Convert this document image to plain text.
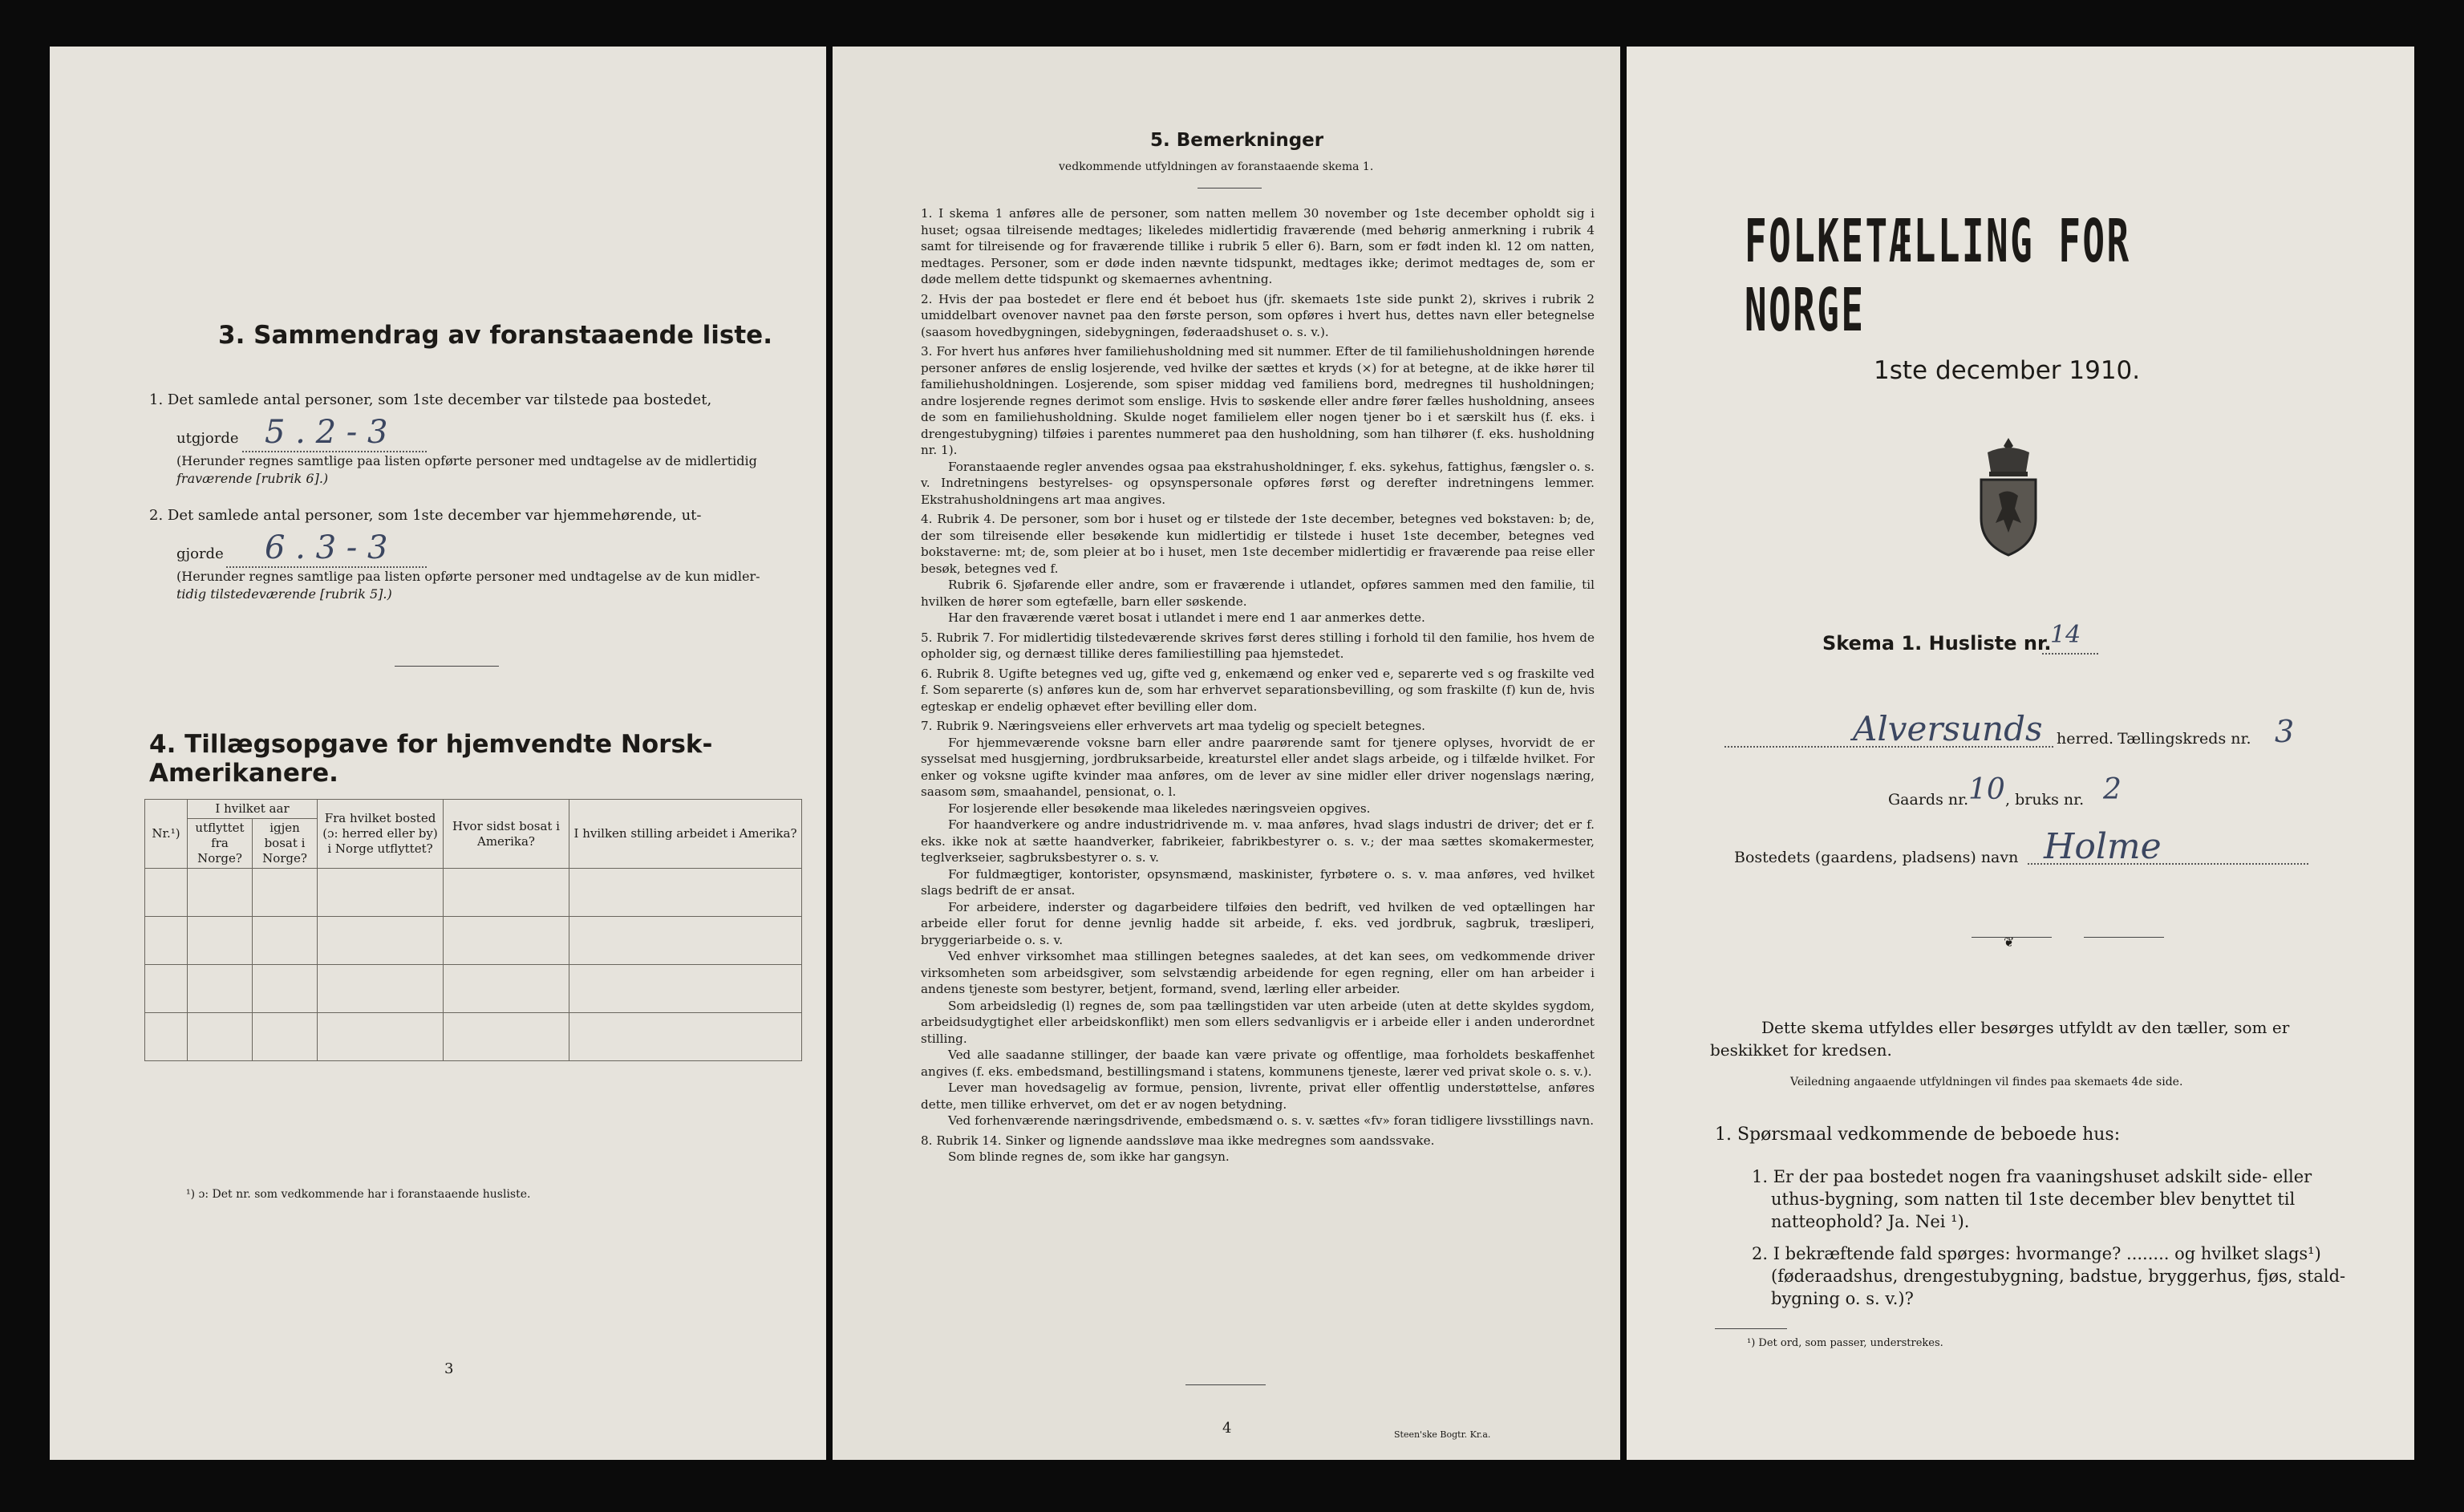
3. Sammendrag av foranstaaende liste.
1. Det samlede antal personer, som 1ste december var tilstede paa bostedet,
utgjorde 5 . 2 - 3
(Herunder regnes samtlige paa listen opførte personer med undtagelse av de midlertidig
fraværende [rubrik 6].)
2. Det samlede antal personer, som 1ste december var hjemmehørende, ut-
gjorde 6 . 3 - 3
(Herunder regnes samtlige paa listen opførte personer med undtagelse av de kun midler-
tidig tilstedeværende [rubrik 5].)
4. Tillægsopgave for hjemvendte Norsk-Amerikanere.
Nr.¹)	I hvilket aar		Fra hvilket bosted (ɔ: herred eller by) i Norge utflyttet?	Hvor sidst bosat i Amerika?	I hvilken stilling arbeidet i Amerika?
	utflyttet fra Norge?	igjen bosat i Norge?			

¹) ɔ: Det nr. som vedkommende har i foranstaaende husliste.
3
5. Bemerkninger
vedkommende utfyldningen av foranstaaende skema 1.

1. I skema 1 anføres alle de personer, som natten mellem 30 november og 1ste december opholdt sig i huset; ogsaa tilreisende medtages; likeledes midlertidig fraværende (med behørig anmerkning i rubrik 4 samt for tilreisende og for fraværende tillike i rubrik 5 eller 6). Barn, som er født inden kl. 12 om natten, medtages. Personer, som er døde inden nævnte tidspunkt, medtages ikke; derimot medtages de, som er døde mellem dette tidspunkt og skemaernes avhentning.

2. Hvis der paa bostedet er flere end ét beboet hus (jfr. skemaets 1ste side punkt 2), skrives i rubrik 2 umiddelbart ovenover navnet paa den første person, som opføres i hvert hus, dettes navn eller betegnelse (saasom hovedbygningen, sidebygningen, føderaadshuset o. s. v.).

3. For hvert hus anføres hver familiehusholdning med sit nummer. Efter de til familiehusholdningen hørende personer anføres de enslig losjerende, ved hvilke der sættes et kryds (×) for at betegne, at de ikke hører til familiehusholdningen. Losjerende, som spiser middag ved familiens bord, medregnes til husholdningen; andre losjerende regnes derimot som enslige. Hvis to søskende eller andre fører fælles husholdning, ansees de som en familiehusholdning. Skulde noget familielem eller nogen tjener bo i et særskilt hus (f. eks. i drengestubygning) tilføies i parentes nummeret paa den husholdning, som han tilhører (f. eks. husholdning nr. 1).

Foranstaaende regler anvendes ogsaa paa ekstrahusholdninger, f. eks. sykehus, fattighus, fængsler o. s. v. Indretningens bestyrelses- og opsynspersonale opføres først og derefter indretningens lemmer. Ekstrahusholdningens art maa angives.

4. Rubrik 4. De personer, som bor i huset og er tilstede der 1ste december, betegnes ved bokstaven: b; de, der som tilreisende eller besøkende kun midlertidig er tilstede i huset 1ste december, betegnes ved bokstaverne: mt; de, som pleier at bo i huset, men 1ste december midlertidig er fraværende paa reise eller besøk, betegnes ved f.

Rubrik 6. Sjøfarende eller andre, som er fraværende i utlandet, opføres sammen med den familie, til hvilken de hører som egtefælle, barn eller søskende.

Har den fraværende været bosat i utlandet i mere end 1 aar anmerkes dette.

5. Rubrik 7. For midlertidig tilstedeværende skrives først deres stilling i forhold til den familie, hos hvem de opholder sig, og dernæst tillike deres familiestilling paa hjemstedet.

6. Rubrik 8. Ugifte betegnes ved ug, gifte ved g, enkemænd og enker ved e, separerte ved s og fraskilte ved f. Som separerte (s) anføres kun de, som har erhvervet separationsbevilling, og som fraskilte (f) kun de, hvis egteskap er endelig ophævet efter bevilling eller dom.

7. Rubrik 9. Næringsveiens eller erhvervets art maa tydelig og specielt betegnes.

For hjemmeværende voksne barn eller andre paarørende samt for tjenere oplyses, hvorvidt de er sysselsat med husgjerning, jordbruksarbeide, kreaturstel eller andet slags arbeide, og i tilfælde hvilket. For enker og voksne ugifte kvinder maa anføres, om de lever av sine midler eller driver nogenslags næring, saasom søm, smaahandel, pensionat, o. l.

For losjerende eller besøkende maa likeledes næringsveien opgives.

For haandverkere og andre industridrivende m. v. maa anføres, hvad slags industri de driver; det er f. eks. ikke nok at sætte haandverker, fabrikeier, fabrikbestyrer o. s. v.; der maa sættes skomakermester, teglverkseier, sagbruksbestyrer o. s. v.

For fuldmægtiger, kontorister, opsynsmænd, maskinister, fyrbøtere o. s. v. maa anføres, ved hvilket slags bedrift de er ansat.

For arbeidere, inderster og dagarbeidere tilføies den bedrift, ved hvilken de ved optællingen har arbeide eller forut for denne jevnlig hadde sit arbeide, f. eks. ved jordbruk, sagbruk, træsliperi, bryggeriarbeide o. s. v.

Ved enhver virksomhet maa stillingen betegnes saaledes, at det kan sees, om vedkommende driver virksomheten som arbeidsgiver, som selvstændig arbeidende for egen regning, eller om han arbeider i andens tjeneste som bestyrer, betjent, formand, svend, lærling eller arbeider.

Som arbeidsledig (l) regnes de, som paa tællingstiden var uten arbeide (uten at dette skyldes sygdom, arbeidsudygtighet eller arbeidskonflikt) men som ellers sedvanligvis er i arbeide eller i anden underordnet stilling.

Ved alle saadanne stillinger, der baade kan være private og offentlige, maa forholdets beskaffenhet angives (f. eks. embedsmand, bestillingsmand i statens, kommunens tjeneste, lærer ved privat skole o. s. v.).

Lever man hovedsagelig av formue, pension, livrente, privat eller offentlig understøttelse, anføres dette, men tillike erhvervet, om det er av nogen betydning.

Ved forhenværende næringsdrivende, embedsmænd o. s. v. sættes «fv» foran tidligere livsstillings navn.

8. Rubrik 14. Sinker og lignende aandssløve maa ikke medregnes som aandssvake.

Som blinde regnes de, som ikke har gangsyn.

4	Steen'ske Bogtr. Kr.a.
FOLKETÆLLING FOR NORGE
1ste december 1910.
Skema 1. Husliste nr.
14
Alversunds herred. Tællingskreds nr. 3
Gaards nr. 10 , bruks nr. 2
Bostedets (gaardens, pladsens) navn Holme
❦
Dette skema utfyldes eller besørges utfyldt av den tæller, som er
beskikket for kredsen.
Veiledning angaaende utfyldningen vil findes paa skemaets 4de side.
1. Spørsmaal vedkommende de beboede hus:
1. Er der paa bostedet nogen fra vaaningshuset adskilt side- eller
uthus-bygning, som natten til 1ste december blev benyttet til
natteophold? Ja. Nei ¹).
2. I bekræftende fald spørges: hvormange? ........ og hvilket slags¹)
(føderaadshus, drengestubygning, badstue, bryggerhus, fjøs, stald-
bygning o. s. v.)?
¹) Det ord, som passer, understrekes.
